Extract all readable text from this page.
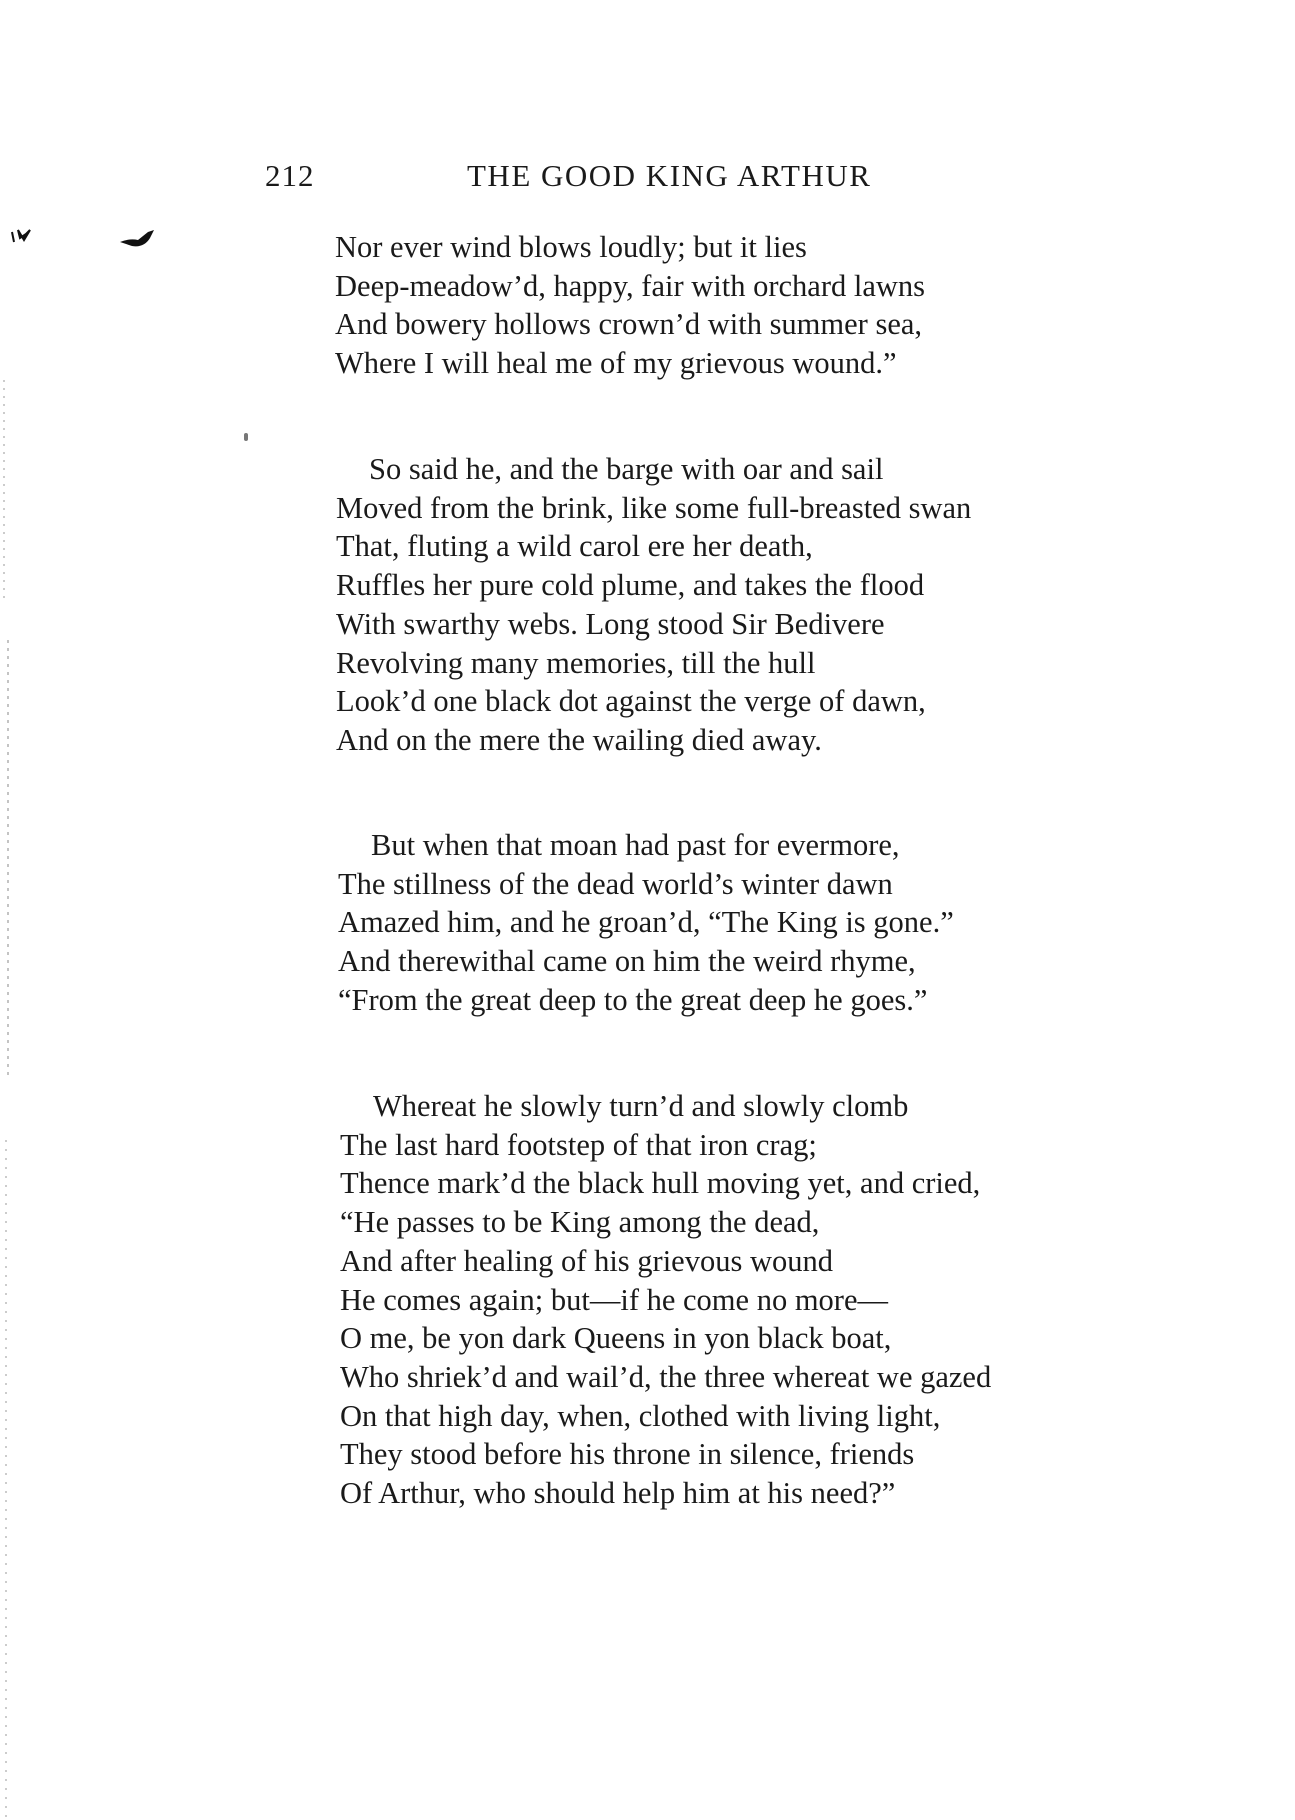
212	THE GOOD KING ARTHUR
Nor ever wind blows loudly; but it lies
Deep-meadow’d, happy, fair with orchard lawns
And bowery hollows crown’d with summer sea,
Where I will heal me of my grievous wound.”
So said he, and the barge with oar and sail
Moved from the brink, like some full-breasted swan
That, fluting a wild carol ere her death,
Ruffles her pure cold plume, and takes the flood
With swarthy webs. Long stood Sir Bedivere
Revolving many memories, till the hull
Look’d one black dot against the verge of dawn,
And on the mere the wailing died away.
But when that moan had past for evermore,
The stillness of the dead world’s winter dawn
Amazed him, and he groan’d, “The King is gone.”
And therewithal came on him the weird rhyme,
“From the great deep to the great deep he goes.”
Whereat he slowly turn’d and slowly clomb
The last hard footstep of that iron crag;
Thence mark’d the black hull moving yet, and cried,
“He passes to be King among the dead,
And after healing of his grievous wound
He comes again; but—if he come no more—
O me, be yon dark Queens in yon black boat,
Who shriek’d and wail’d, the three whereat we gazed
On that high day, when, clothed with living light,
They stood before his throne in silence, friends
Of Arthur, who should help him at his need?”
